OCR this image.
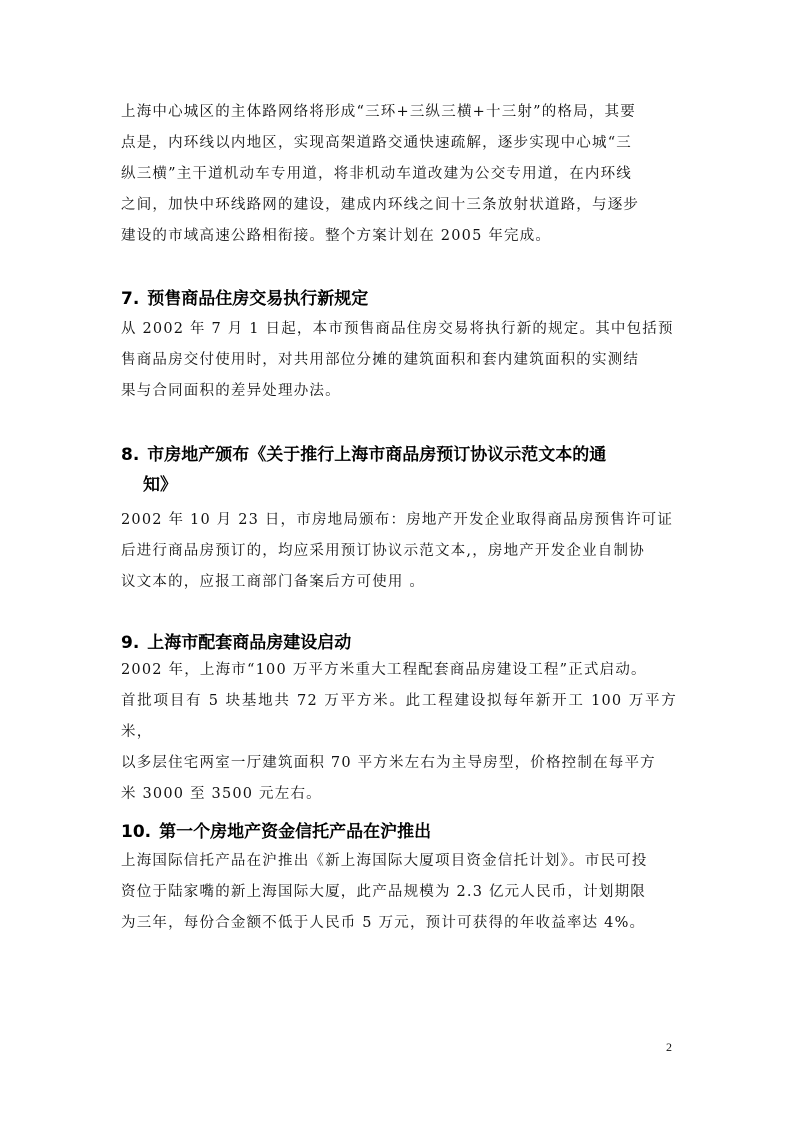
上海中心城区的主体路网络将形成“三环+三纵三横+十三射”的格局，其要
点是，内环线以内地区，实现高架道路交通快速疏解，逐步实现中心城“三
纵三横”主干道机动车专用道，将非机动车道改建为公交专用道，在内环线
之间，加快中环线路网的建设，建成内环线之间十三条放射状道路，与逐步
建设的市域高速公路相衔接。整个方案计划在 2005 年完成。

7. 预售商品住房交易执行新规定

从 2002 年 7 月 1 日起，本市预售商品住房交易将执行新的规定。其中包括预
售商品房交付使用时，对共用部位分摊的建筑面积和套内建筑面积的实测结
果与合同面积的差异处理办法。

8. 市房地产颁布《关于推行上海市商品房预订协议示范文本的通
知》

2002 年 10 月 23 日，市房地局颁布：房地产开发企业取得商品房预售许可证
后进行商品房预订的，均应采用预订协议示范文本,，房地产开发企业自制协
议文本的，应报工商部门备案后方可使用 。

9. 上海市配套商品房建设启动

2002 年，上海市“100 万平方米重大工程配套商品房建设工程”正式启动。
首批项目有 5 块基地共 72 万平方米。此工程建设拟每年新开工 100 万平方米，
以多层住宅两室一厅建筑面积 70 平方米左右为主导房型，价格控制在每平方
米 3000 至 3500 元左右。

10. 第一个房地产资金信托产品在沪推出

上海国际信托产品在沪推出《新上海国际大厦项目资金信托计划》。市民可投
资位于陆家嘴的新上海国际大厦，此产品规模为 2.3 亿元人民币，计划期限
为三年，每份合金额不低于人民币 5 万元，预计可获得的年收益率达 4%。

2
